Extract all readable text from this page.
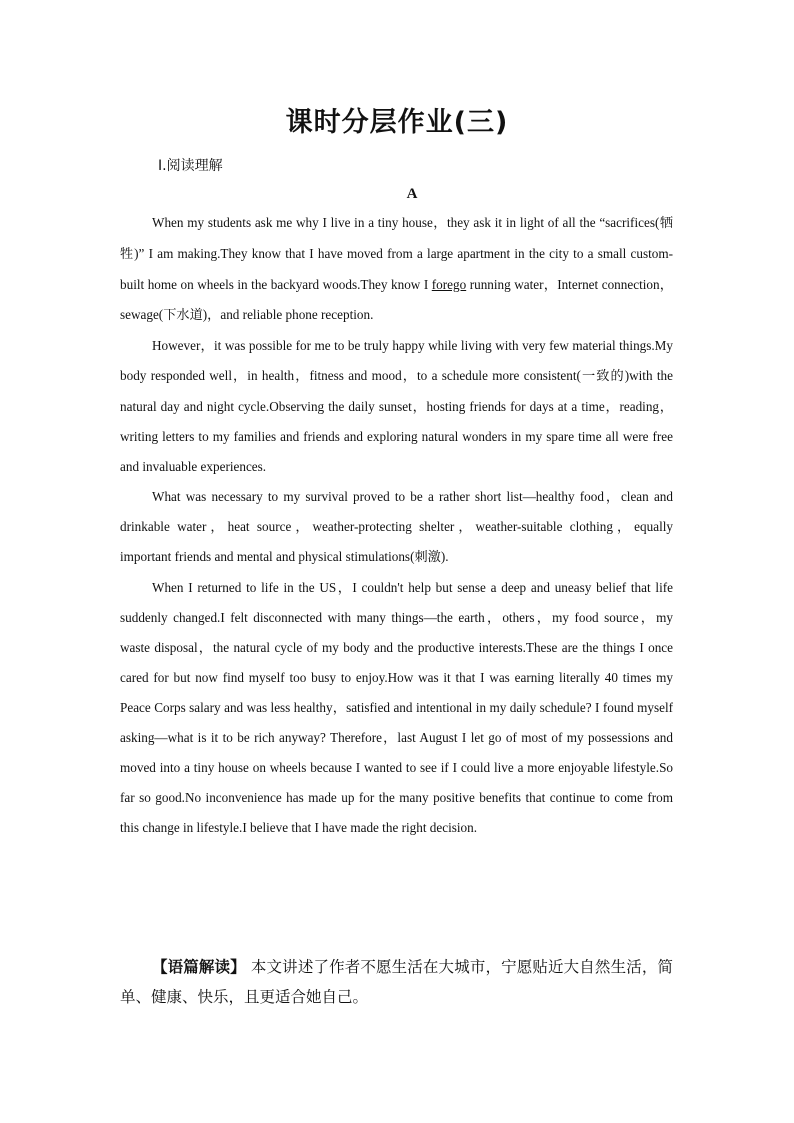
课时分层作业(三)
Ⅰ.阅读理解
A

When my students ask me why I live in a tiny house，they ask it in light of all the “sacrifices(牺牲)” I am making.They know that I have moved from a large apartment in the city to a small custom-built home on wheels in the backyard woods.They know I forego running water，Internet connection，sewage(下水道)，and reliable phone reception.

However，it was possible for me to be truly happy while living with very few material things.My body responded well，in health，fitness and mood，to a schedule more consistent(一致的)with the natural day and night cycle.Observing the daily sunset，hosting friends for days at a time，reading，writing letters to my families and friends and exploring natural wonders in my spare time all were free and invaluable experiences.

What was necessary to my survival proved to be a rather short list—healthy food，clean and drinkable water，heat source，weather-protecting shelter，weather-suitable clothing，equally important friends and mental and physical stimulations(刺激).

When I returned to life in the US，I couldn't help but sense a deep and uneasy belief that life suddenly changed.I felt disconnected with many things—the earth，others，my food source，my waste disposal，the natural cycle of my body and the productive interests.These are the things I once cared for but now find myself too busy to enjoy.How was it that I was earning literally 40 times my Peace Corps salary and was less healthy，satisfied and intentional in my daily schedule? I found myself asking—what is it to be rich anyway? Therefore，last August I let go of most of my possessions and moved into a tiny house on wheels because I wanted to see if I could live a more enjoyable lifestyle.So far so good.No inconvenience has made up for the many positive benefits that continue to come from this change in lifestyle.I believe that I have made the right decision.

【语篇解读】 本文讲述了作者不愿生活在大城市，宁愿贴近大自然生活，简单、健康、快乐，且更适合她自己。
